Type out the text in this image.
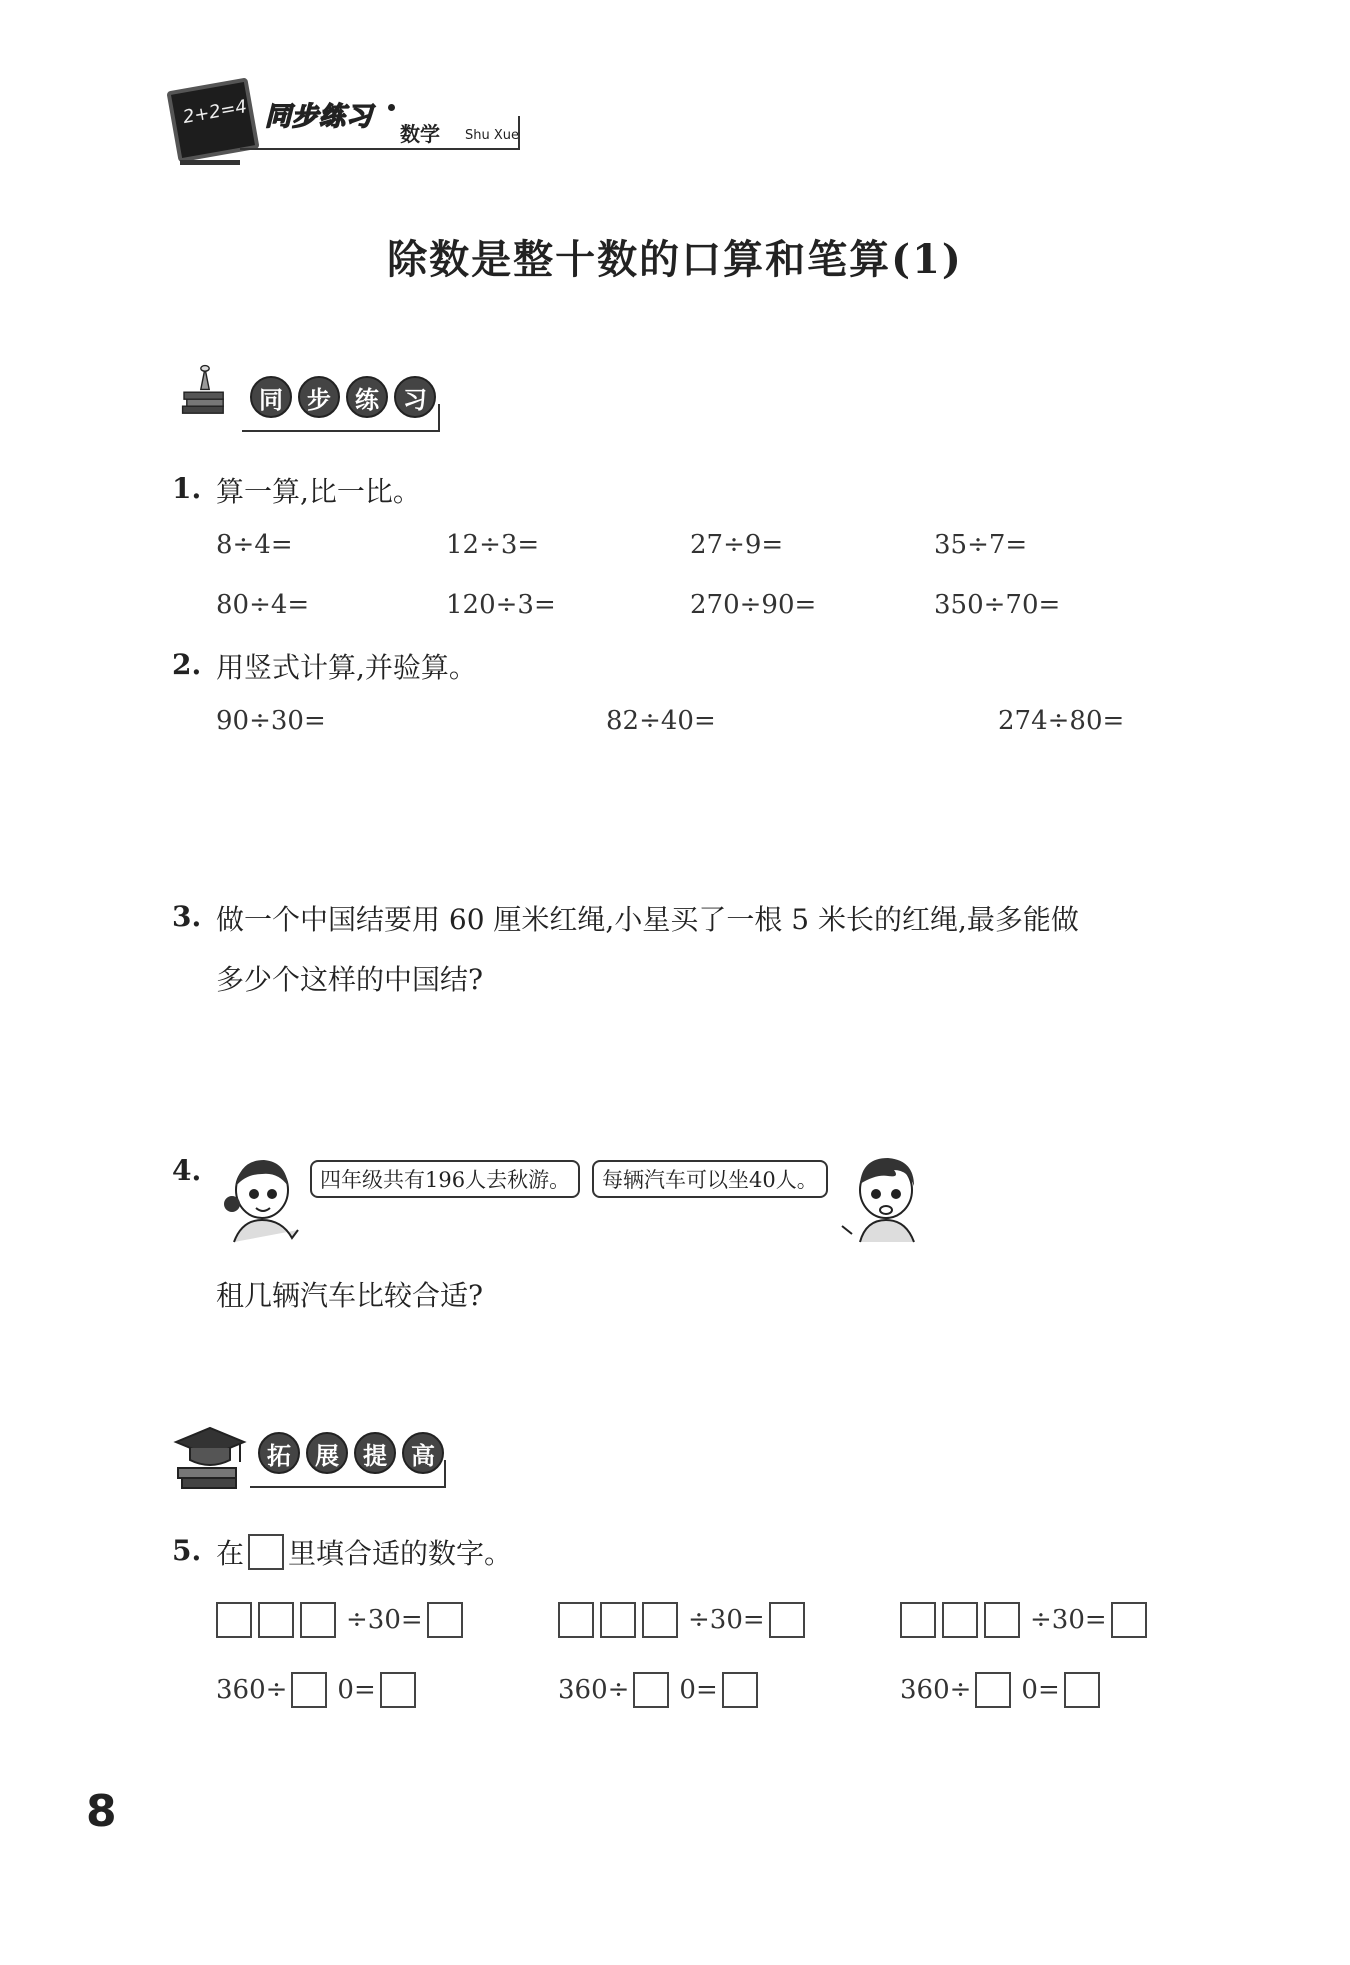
2+2=4 同步练习
数学 Shu Xue
除数是整十数的口算和笔算(1)
同	步	练	习
1. 算一算,比一比。
8÷4=	12÷3=	27÷9=	35÷7=
80÷4=	120÷3=	270÷90=	350÷70=
2. 用竖式计算,并验算。
90÷30=	82÷40=	274÷80=
3. 做一个中国结要用 60 厘米红绳,小星买了一根 5 米长的红绳,最多能做
多少个这样的中国结?
4.	四年级共有196人去秋游。	每辆汽车可以坐40人。
租几辆汽车比较合适?
拓	展	提	高
5. 在 里填合适的数字。
÷30=	÷30=	÷30=
360÷ 0=	360÷ 0=	360÷ 0=
8
